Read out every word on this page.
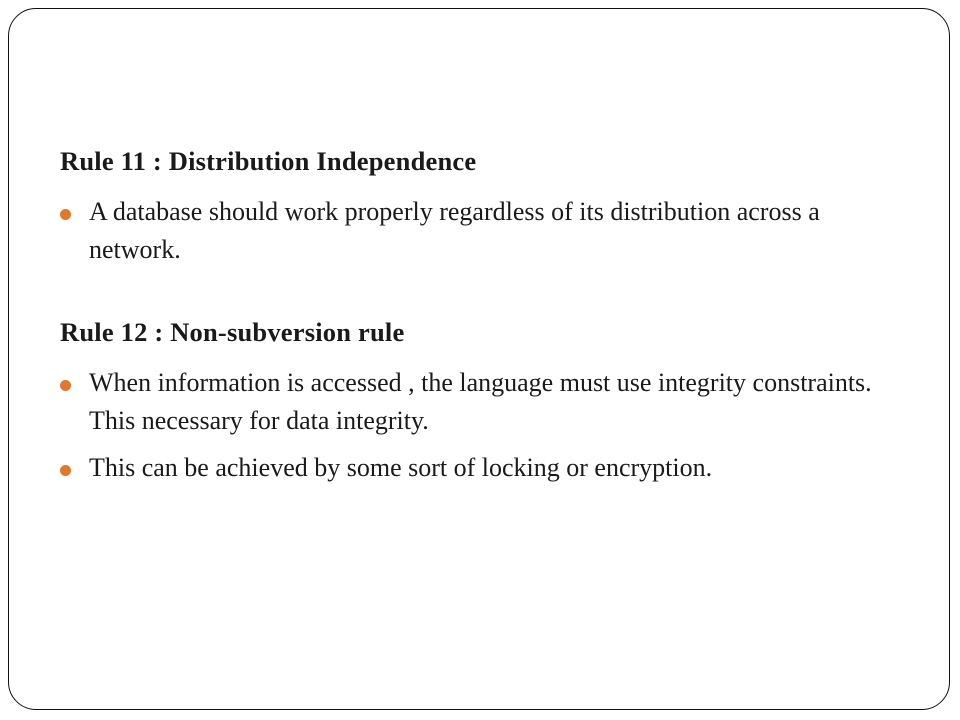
Rule 11 : Distribution Independence

A database should work properly regardless of its distribution across a network.

Rule 12 : Non-subversion rule

When information is accessed , the language must use integrity constraints. This necessary for data integrity.
This can be achieved by some sort of locking or encryption.
